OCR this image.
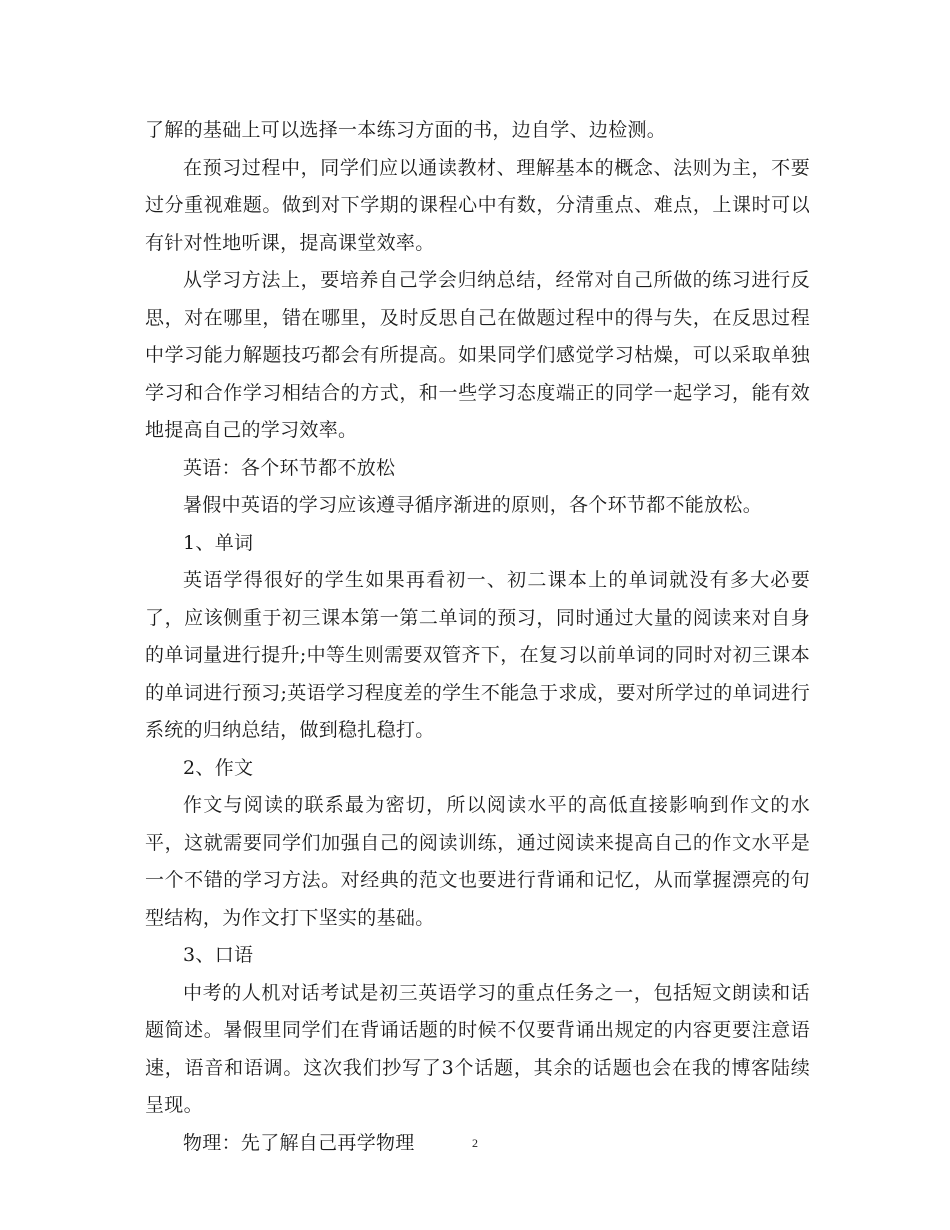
了解的基础上可以选择一本练习方面的书，边自学、边检测。

在预习过程中，同学们应以通读教材、理解基本的概念、法则为主，不要过分重视难题。做到对下学期的课程心中有数，分清重点、难点，上课时可以有针对性地听课，提高课堂效率。

从学习方法上，要培养自己学会归纳总结，经常对自己所做的练习进行反思，对在哪里，错在哪里，及时反思自己在做题过程中的得与失，在反思过程中学习能力解题技巧都会有所提高。如果同学们感觉学习枯燥，可以采取单独学习和合作学习相结合的方式，和一些学习态度端正的同学一起学习，能有效地提高自己的学习效率。

英语：各个环节都不放松

暑假中英语的学习应该遵寻循序渐进的原则，各个环节都不能放松。

1、单词

英语学得很好的学生如果再看初一、初二课本上的单词就没有多大必要了，应该侧重于初三课本第一第二单词的预习，同时通过大量的阅读来对自身的单词量进行提升;中等生则需要双管齐下，在复习以前单词的同时对初三课本的单词进行预习;英语学习程度差的学生不能急于求成，要对所学过的单词进行系统的归纳总结，做到稳扎稳打。

2、作文

作文与阅读的联系最为密切，所以阅读水平的高低直接影响到作文的水平，这就需要同学们加强自己的阅读训练，通过阅读来提高自己的作文水平是一个不错的学习方法。对经典的范文也要进行背诵和记忆，从而掌握漂亮的句型结构，为作文打下坚实的基础。

3、口语

中考的人机对话考试是初三英语学习的重点任务之一，包括短文朗读和话题简述。暑假里同学们在背诵话题的时候不仅要背诵出规定的内容更要注意语速，语音和语调。这次我们抄写了3个话题，其余的话题也会在我的博客陆续呈现。

物理：先了解自己再学物理	2
